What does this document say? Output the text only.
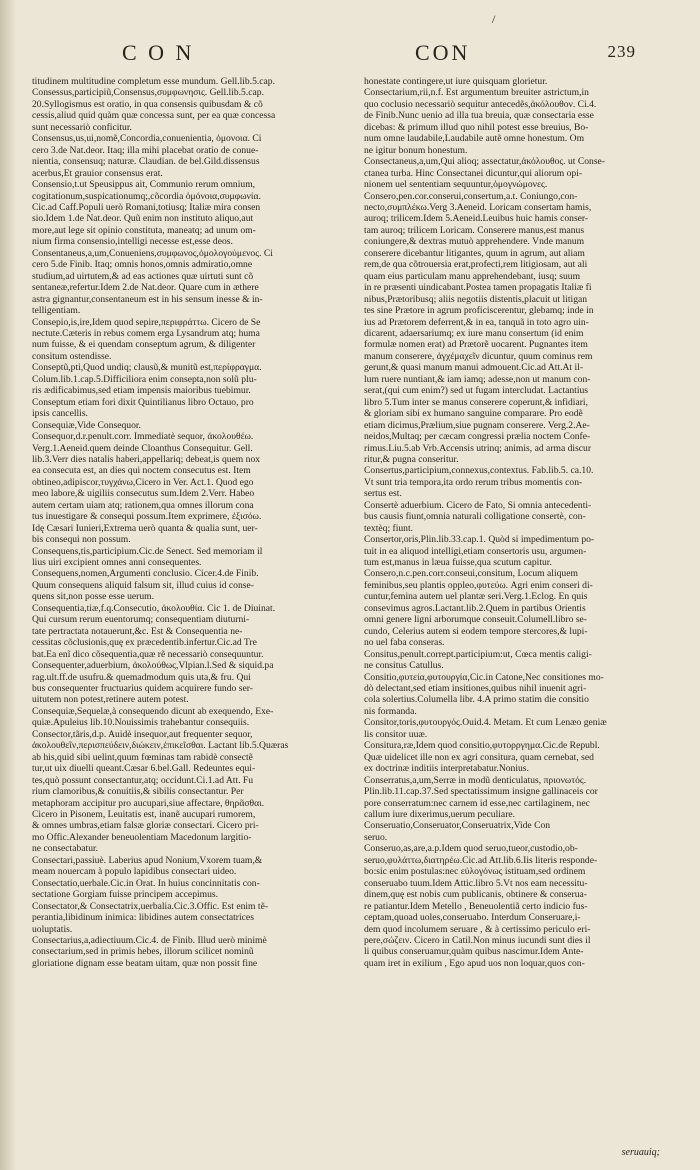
/
C O N	CON	239

titudinem multitudine completum esse mundum. Gell.lib.5.cap.

Consessus,participiũ,Consensus,συμφωνησις. Gell.lib.5.cap.

20.Syllogismus est oratio, in qua consensis quibusdam & cõ

cessis,aliud quid quàm quæ concessa sunt, per ea quæ concessa

sunt necessariò conficitur.

Consensus,us,ui,nomẽ,Concordia,conuenientia, ὁμονοια. Ci

cero 3.de Nat.deor. Itaq; illa mihi placebat oratio de conue-

nientia, consensuq; naturæ. Claudian. de bel.Gild.dissensus

acerbus,Et grauior consensus erat.

Consensio,t.ut Speusippus ait, Communio rerum omnium,

cogitationum,suspicationumq;,cõcordia ὁμόνοια,συμφωνία.

Cic.ad Caff.Populi uerò Romani,totiusq; Italiæ mira consen

sio.Idem 1.de Nat.deor. Quũ enim non instituto aliquo,aut

more,aut lege sit opinio constituta, maneatq; ad unum om-

nium firma consensio,intelligi necesse est,esse deos.

Consentaneus,a,um,Conueniens,συμφωνος,ὁμολογούμενος. Ci

cero 5.de Finib. Itaq; omnis honos,omnis admiratio,omne

studium,ad uirtutem,& ad eas actiones quæ uirtuti sunt cõ

sentaneæ,refertur.Idem 2.de Nat.deor. Quare cum in æthere

astra gignantur,consentaneum est in his sensum inesse & in-

telligentiam.

Consepio,is,ire,Idem quod sepire,περιφράττω. Cicero de Se

nectute.Cæteris in rebus comem erga Lysandrum atq; huma

num fuisse, & ei quendam conseptum agrum, & diligenter

consitum ostendisse.

Conseptũ,pti,Quod undiq; clausũ,& munitũ est,περίφραγμα.

Colum.lib.1.cap.5.Difficiliora enim consepta,non solũ plu-

ris ædificabimus,sed etiam impensis maioribus tuebimur.

Conseptum etiam fori dixit Quintilianus libro Octauo, pro

ipsis cancellis.

Consequiæ,Vide Consequor.

Consequor,d.r.penult.corr. Immediatè sequor, ἀκολουθέω.

Verg.1.Aeneid.quem deinde Cloanthus Consequitur. Gell.

lib.3.Verr dies natalis haberi,appellariq; debeat,is quem nox

ea consecuta est, an dies qui noctem consecutus est. Item

obtineo,adipiscor,τυγχάνω,Cicero in Ver. Act.1. Quod ego

meo labore,& uigiliis consecutus sum.Idem 2.Verr. Habeo

autem certam uiam atq; rationem,qua omnes illorum cona

tus inuestigare & consequi possum.Item exprimere, ἐξισόω.

Idę Cæsari Iunieri,Extrema uerò quanta & qualia sunt, uer-

bis consequi non possum.

Consequens,tis,participium.Cic.de Senect. Sed memoriam il

lius uiri excipient omnes anni consequentes.

Consequens,nomen,Argumenti conclusio. Cicer.4.de Finib.

Quum consequens aliquid falsum sit, illud cuius id conse-

quens sit,non posse esse uerum.

Consequentia,tiæ,f.q.Consecutio, ἀκολουθία. Cic 1. de Diuinat.

Qui cursum rerum euentorumq; consequentiam diuturni-

tate pertractata notauerunt,&c. Est & Consequentia ne-

cessitas cõclusionis,quę ex præcedentib.infertur.Cic.ad Tre

bat.Ea enĩ dico cõsequentia,quæ rẽ necessariò consequuntur.

Consequenter,aduerbium, ἀκολούθως,Vlpian.l.Sed & siquid.pa

rag.ult.ff.de usufru.& quemadmodum quis uta,& fru. Qui

bus consequenter fructuarius quidem acquirere fundo ser-

uitutem non potest,retinere autem potest.

Consequiæ,Sequelæ,à consequendo dicunt ab exequendo, Exe-

quiæ.Apuleius lib.10.Nouissimis trahebantur consequiis.

Consector,tãris,d.p. Auidè insequor,aut frequenter sequor,

ἀκολουθεῖν,περισπεύδειν,διώκειν,ἐπικεῖσθαι. Lactant lib.5.Quæras

ab his,quid sibi uelint,quum fœminas tam rabidè consectẽ

tur,ut uix diuelli queant.Cæsar 6.bel.Gall. Redeuntes equi-

tes,quò possunt consectantur,atq; occidunt.Ci.1.ad Att. Fu

rium clamoribus,& conuitiis,& sibilis consectantur. Per

metaphoram accipitur pro aucupari,siue affectare, θηρᾶσθαι.

Cicero in Pisonem, Leuitatis est, inanẽ aucupari rumorem,

& omnes umbras,etiam falsæ gloriæ consectari. Cicero pri-

mo Offic.Alexander beneuolentiam Macedonum largitio-

ne consectabatur.

Consectari,passiuè. Laberius apud Nonium,Vxorem tuam,&

meam nouercam à populo lapidibus consectari uideo.

Consectatio,uerbale.Cic.in Orat. In huius concinnitatis con-

sectatione Gorgiam fuisse principem accepimus.

Consectator,& Consectatrix,uerbalia.Cic.3.Offic. Est enim tẽ-

perantia,libidinum inimica: libidines autem consectatrices

uoluptatis.

Consectarius,a,adiectiuum.Cic.4. de Finib. Illud uerò minimè

consectarium,sed in primis hebes, illorum scilicet nominũ

gloriatione dignam esse beatam uitam, quæ non possit fine

honestate contingere,ut iure quisquam glorietur.

Consectarium,rii,n.f. Est argumentum breuiter astrictum,in

quo coclusio necessariò sequitur antecedẽs,ἀκόλουθον. Ci.4.

de Finib.Nunc uenio ad illa tua breuia, quæ consectaria esse

dicebas: & primum illud quo nihil potest esse breuius, Bo-

num omne laudabile,Laudabile autẽ omne honestum. Om

ne igitur bonum honestum.

Consectaneus,a,um,Qui alioq; assectatur,ἀκόλουθος. ut Conse-

ctanea turba. Hinc Consectanei dicuntur,qui aliorum opi-

nionem uel sententiam sequuntur,ὁμογνώμονες.

Consero,pen.cor.conserui,consertum,a.t. Coniungo,con-

necto,συμπλέκω.Verg 3.Aeneid. Loricam consertam hamis,

auroq; trilicem.Idem 5.Aeneid.Leuibus huic hamis conser-

tam auroq; trilicem Loricam. Conserere manus,est manus

coniungere,& dextras mutuò apprehendere. Vnde manum

conserere dicebantur litigantes, quum in agrum, aut aliam

rem,de qua cõtrouersia erat,profecti,rem litigiosam, aut ali

quam eius particulam manu apprehendebant, iusq; suum

in re præsenti uindicabant.Postea tamen propagatis Italiæ fi

nibus,Prætoribusq; aliis negotiis distentis,placuit ut litigan

tes sine Prætore in agrum proficiscerentur, glebamq; inde in

ius ad Prætorem deferrent,& in ea, tanquã in toto agro uin-

dicarent, adaersariumq; ex iure manu consertum (id enim

formulæ nomen erat) ad Prætorẽ uocarent. Pugnantes item

manum conserere, ἀγχέμαχεῖν dicuntur, quum cominus rem

gerunt,& quasi manum manui admouent.Cic.ad Att.At il-

lum ruere nuntiant,& iam iamq; adesse,non ut manum con-

serat,(qui cum enim?) sed ut fugam intercludat. Lactantius

libro 5.Tum inter se manus conserere coperunt,& infidiari,

& gloriam sibi ex humano sanguine comparare. Pro eodẽ

etiam dicimus,Prælium,siue pugnam conserere. Verg.2.Ae-

neidos,Multaq; per cæcam congressi prælia noctem Confe-

rimus.Liu.5.ab Vrb.Accensis utrinq; animis, ad arma discur

ritur,& pugna conseritur.

Consertus,participium,connexus,contextus. Fab.lib.5. ca.10.

Vt sunt tria tempora,ita ordo rerum tribus momentis con-

sertus est.

Consertè aduerbium. Cicero de Fato, Si omnia antecedenti-

bus causis fiunt,omnia naturali colligatione consertè, con-

textèq; fiunt.

Consertor,oris,Plin.lib.33.cap.1. Quòd si impedimentum po-

tuit in ea aliquod intelligi,etiam consertoris usu, argumen-

tum est,manus in læua fuisse,qua scutum capitur.

Consero,n.c.pen.corr.conseui,consitum, Locum aliquem

feminibus,seu plantis oppleo,φυτεύω. Agri enim conseri di-

cuntur,femina autem uel plantæ seri.Verg.1.Eclog. En quis

consevimus agros.Lactant.lib.2.Quem in partibus Orientis

omni genere ligni arborumque conseuit.Columell.libro se-

cundo, Celerius autem si eodem tempore stercores,& lupi-

no uel faba conseras.

Consitus,penult.corrept.participium:ut, Cœca mentis caligi-

ne consitus Catullus.

Consitio,φυτεία,φυτουργία,Cic.in Catone,Nec consitiones mo-

dò delectant,sed etiam insitiones,quibus nihil inuenit agri-

cola solertius.Columella libr. 4.A primo statim die consitio

nis formanda.

Consitor,toris,φυτουργός.Ouid.4. Metam. Et cum Lenæo geniæ

lis consitor uuæ.

Consitura,ræ,Idem quod consitio,φυτορργημα.Cic.de Republ.

Quæ uidelicet ille non ex agri consitura, quam cernebat, sed

ex doctrinæ inditiis interpretabatur.Nonius.

Conserratus,a,um,Serræ in modũ denticulatus, πριονωτός.

Plin.lib.11.cap.37.Sed spectatissimum insigne gallinaceis cor

pore conserratum:nec carnem id esse,nec cartilaginem, nec

callum iure dixerimus,uerum peculiare.

Conseruatio,Conseruator,Conseruatrix,Vide Con

seruo.

Conseruo,as,are,a.p.Idem quod seruo,tueor,custodio,ob-

seruo,φυλάττω,διατηρέω.Cic.ad Att.lib.6.Iis literis responde-

bo:sic enim postulas:nec εὐλογόνως istituam,sed ordinem

conseruabo tuum.Idem Attic.libro 5.Vt nos eam necessitu-

dinem,quę est nobis cum publicanis, obtinere & conserua-

re patiantur.Idem Metello , Beneuolentiã certo indicio fus-

ceptam,quoad uoles,conseruabo. Interdum Conseruare,i-

dem quod incolumem seruare , & à certissimo periculo eri-

pere,σώζειν. Cicero in Catil.Non minus iucundi sunt dies il

li quibus conseruamur,quàm quibus nascimur.Idem Ante-

quam iret in exilium , Ego apud uos non loquar,quos con-

seruauiq;
